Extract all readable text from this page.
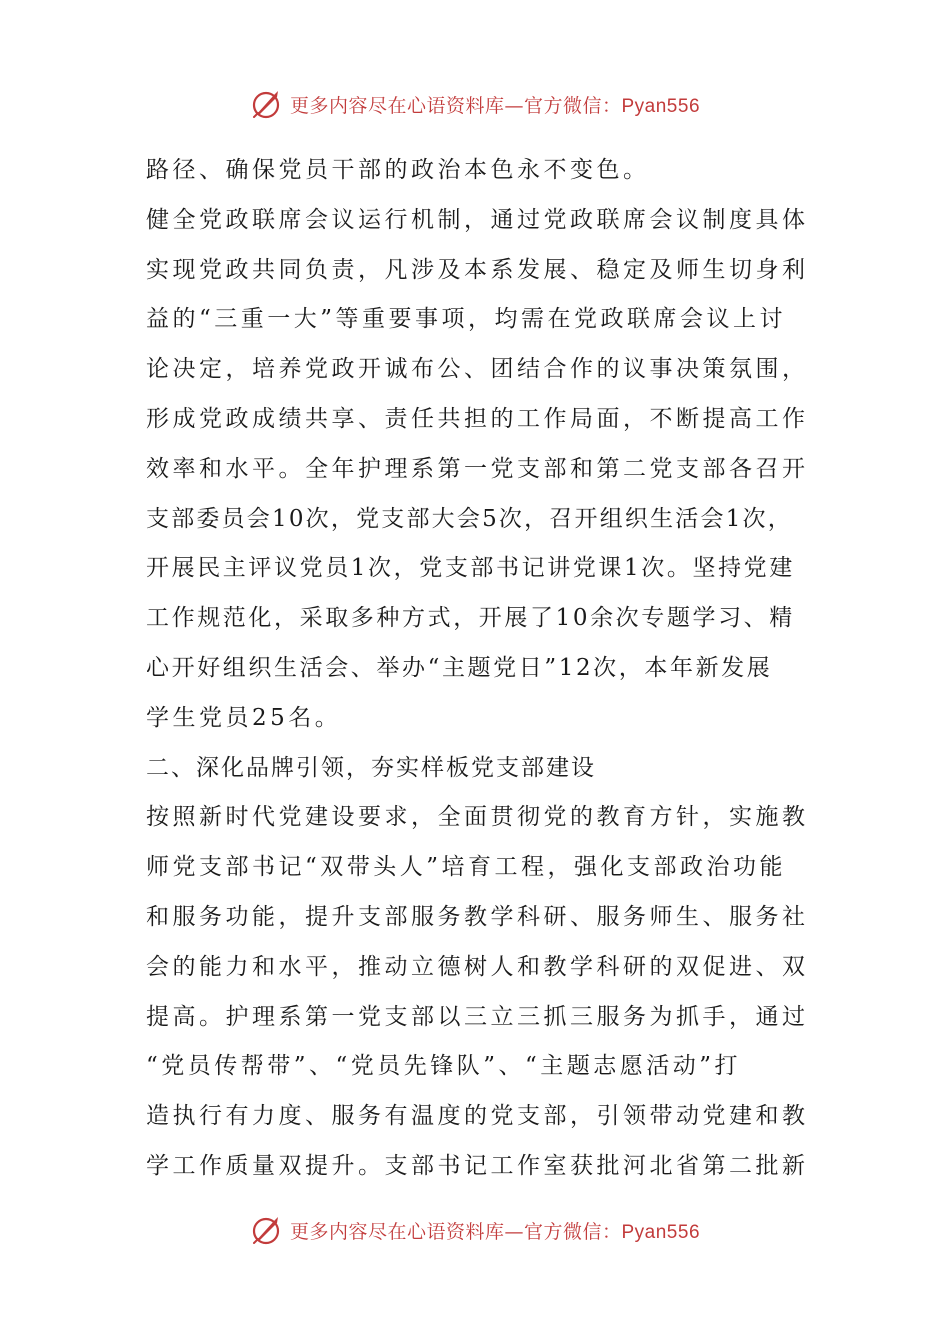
更多内容尽在心语资料库—官方微信：Pyan556
路径、确保党员干部的政治本色永不变色。
健全党政联席会议运行机制，通过党政联席会议制度具体
实现党政共同负责，凡涉及本系发展、稳定及师生切身利
益的“三重一大”等重要事项，均需在党政联席会议上讨
论决定，培养党政开诚布公、团结合作的议事决策氛围，
形成党政成绩共享、责任共担的工作局面，不断提高工作
效率和水平。全年护理系第一党支部和第二党支部各召开
支部委员会10次，党支部大会5次，召开组织生活会1次，
开展民主评议党员1次，党支部书记讲党课1次。坚持党建
工作规范化，采取多种方式，开展了10余次专题学习、精
心开好组织生活会、举办“主题党日”12次，本年新发展
学生党员25名。
二、深化品牌引领，夯实样板党支部建设
按照新时代党建设要求，全面贯彻党的教育方针，实施教
师党支部书记“双带头人”培育工程，强化支部政治功能
和服务功能，提升支部服务教学科研、服务师生、服务社
会的能力和水平，推动立德树人和教学科研的双促进、双
提高。护理系第一党支部以三立三抓三服务为抓手，通过
“党员传帮带”、“党员先锋队”、“主题志愿活动”打
造执行有力度、服务有温度的党支部，引领带动党建和教
学工作质量双提升。支部书记工作室获批河北省第二批新
更多内容尽在心语资料库—官方微信：Pyan556
